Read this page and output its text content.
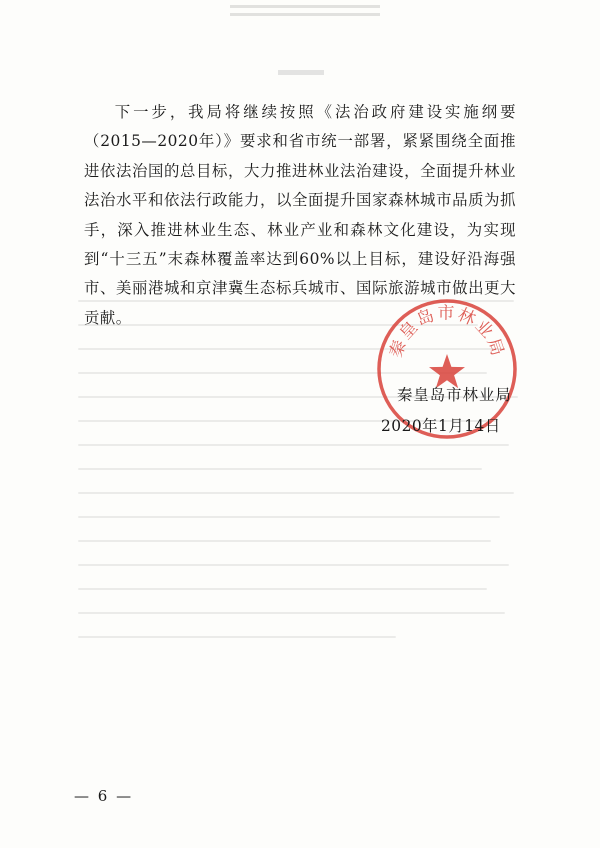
下一步，我局将继续按照《法治政府建设实施纲要（2015—2020年）》要求和省市统一部署，紧紧围绕全面推进依法治国的总目标，大力推进林业法治建设，全面提升林业法治水平和依法行政能力，以全面提升国家森林城市品质为抓手，深入推进林业生态、林业产业和森林文化建设，为实现到“十三五”末森林覆盖率达到60%以上目标，建设好沿海强市、美丽港城和京津冀生态标兵城市、国际旅游城市做出更大贡献。

秦皇岛市林业局
秦皇岛市林业局
2020年1月14日
— 6 —
